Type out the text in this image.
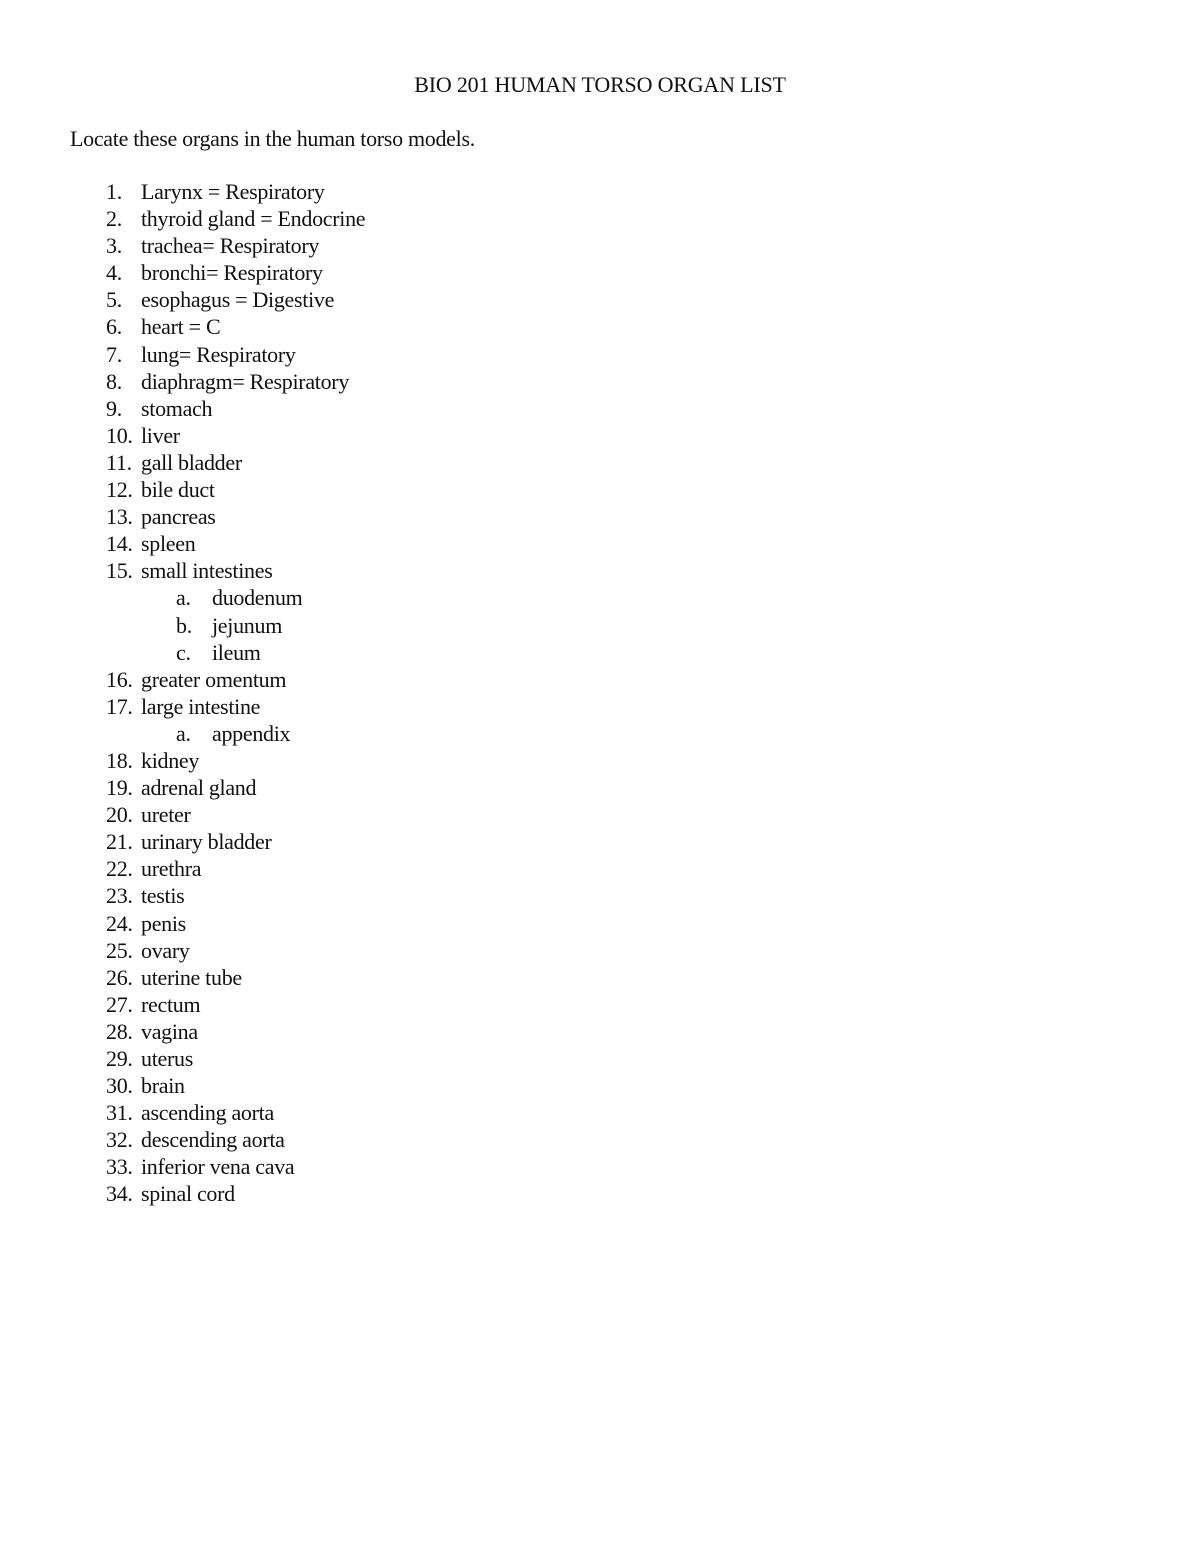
BIO 201 HUMAN TORSO ORGAN LIST
Locate these organs in the human torso models.
1. Larynx = Respiratory
2. thyroid gland = Endocrine
3. trachea= Respiratory
4. bronchi= Respiratory
5. esophagus = Digestive
6. heart = C
7. lung= Respiratory
8. diaphragm= Respiratory
9. stomach
10. liver
11. gall bladder
12. bile duct
13. pancreas
14. spleen
15. small intestines
a. duodenum
b. jejunum
c. ileum
16. greater omentum
17. large intestine
a. appendix
18. kidney
19. adrenal gland
20. ureter
21. urinary bladder
22. urethra
23. testis
24. penis
25. ovary
26. uterine tube
27. rectum
28. vagina
29. uterus
30. brain
31. ascending aorta
32. descending aorta
33. inferior vena cava
34. spinal cord
